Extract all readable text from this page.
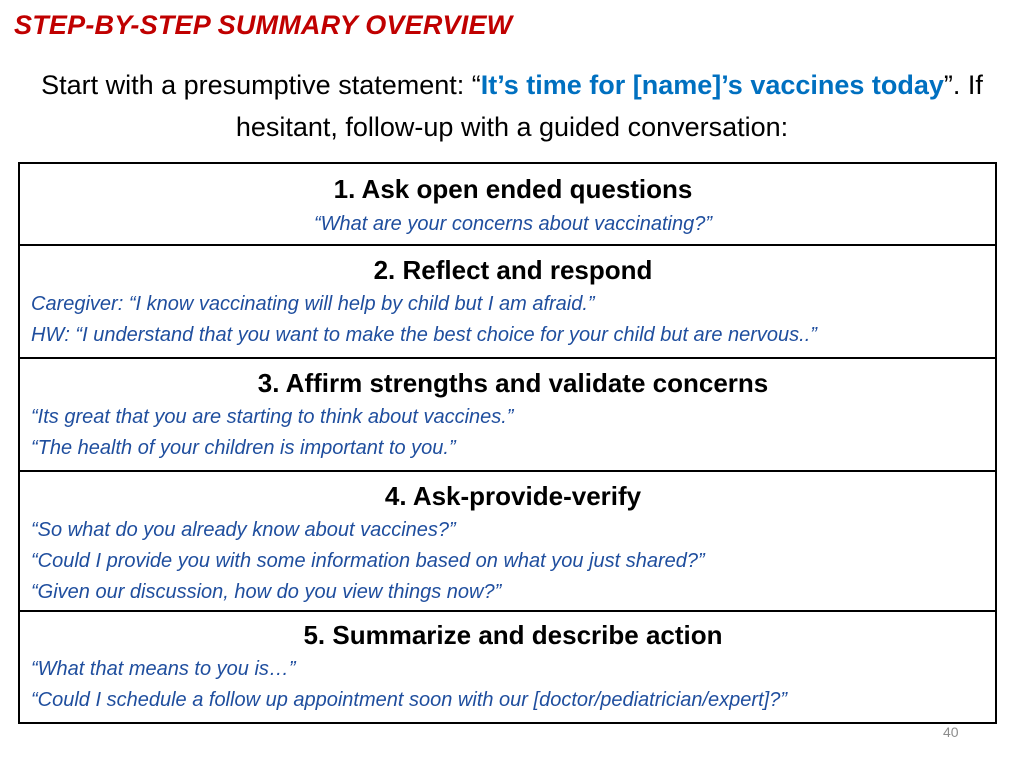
STEP-BY-STEP SUMMARY OVERVIEW
Start with a presumptive statement: “It’s time for [name]’s vaccines today”. If hesitant, follow-up with a guided conversation:

1. Ask open ended questions

“What are your concerns about vaccinating?”

2. Reflect and respond

Caregiver: “I know vaccinating will help by child but I am afraid.”

HW: “I understand that you want to make the best choice for your child but are nervous..”

3. Affirm strengths and validate concerns

“Its great that you are starting to think about vaccines.”

“The health of your children is important to you.”

4. Ask-provide-verify

“So what do you already know about vaccines?”

“Could I provide you with some information based on what you just shared?”

“Given our discussion, how do you view things now?”

5. Summarize and describe action

“What that means to you is…”

“Could I schedule a follow up appointment soon with our [doctor/pediatrician/expert]?”

40
